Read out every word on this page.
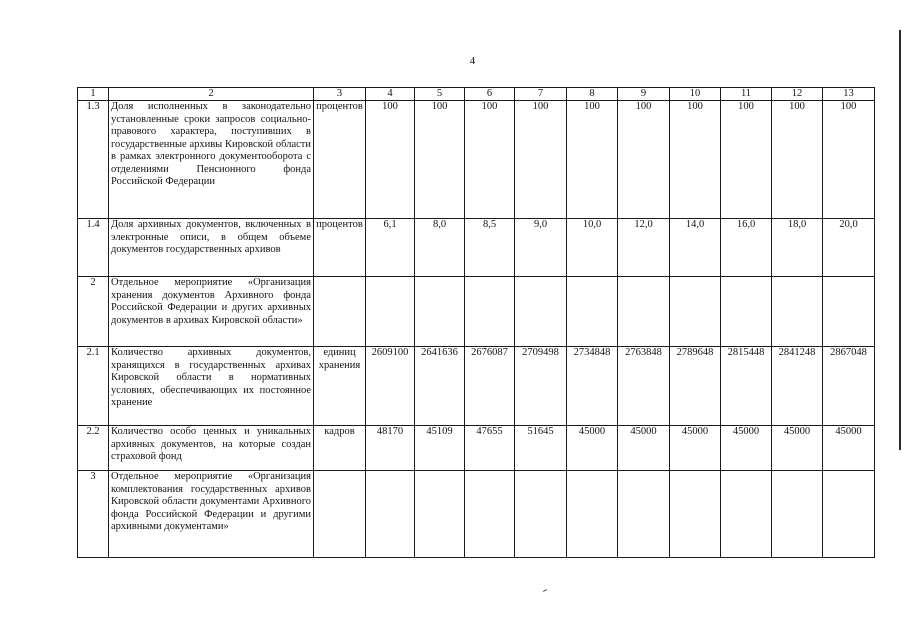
4
1	2	3	4	5	6	7	8	9	10	11	12	13
1.3	Доля исполненных в законодательно установленные сроки запросов социально-правового характера, поступивших в государственные архивы Кировской области в рамках электронного документооборота с отделениями Пенсионного фонда Российской Федерации	процентов	100	100	100	100	100	100	100	100	100	100
1.4	Доля архивных документов, включенных в электронные описи, в общем объеме документов государственных архивов	процентов	6,1	8,0	8,5	9,0	10,0	12,0	14,0	16,0	18,0	20,0
2	Отдельное мероприятие «Организация хранения документов Архивного фонда Российской Федерации и других архивных документов в архивах Кировской области»											
2.1	Количество архивных документов, хранящихся в государственных архивах Кировской области в нормативных условиях, обеспечивающих их постоянное хранение	единиц хранения	2609100	2641636	2676087	2709498	2734848	2763848	2789648	2815448	2841248	2867048
2.2	Количество особо ценных и уникальных архивных документов, на которые создан страховой фонд	кадров	48170	45109	47655	51645	45000	45000	45000	45000	45000	45000
3	Отдельное мероприятие «Организация комплектования государственных архивов Кировской области документами Архивного фонда Российской Федерации и другими архивными документами»											
